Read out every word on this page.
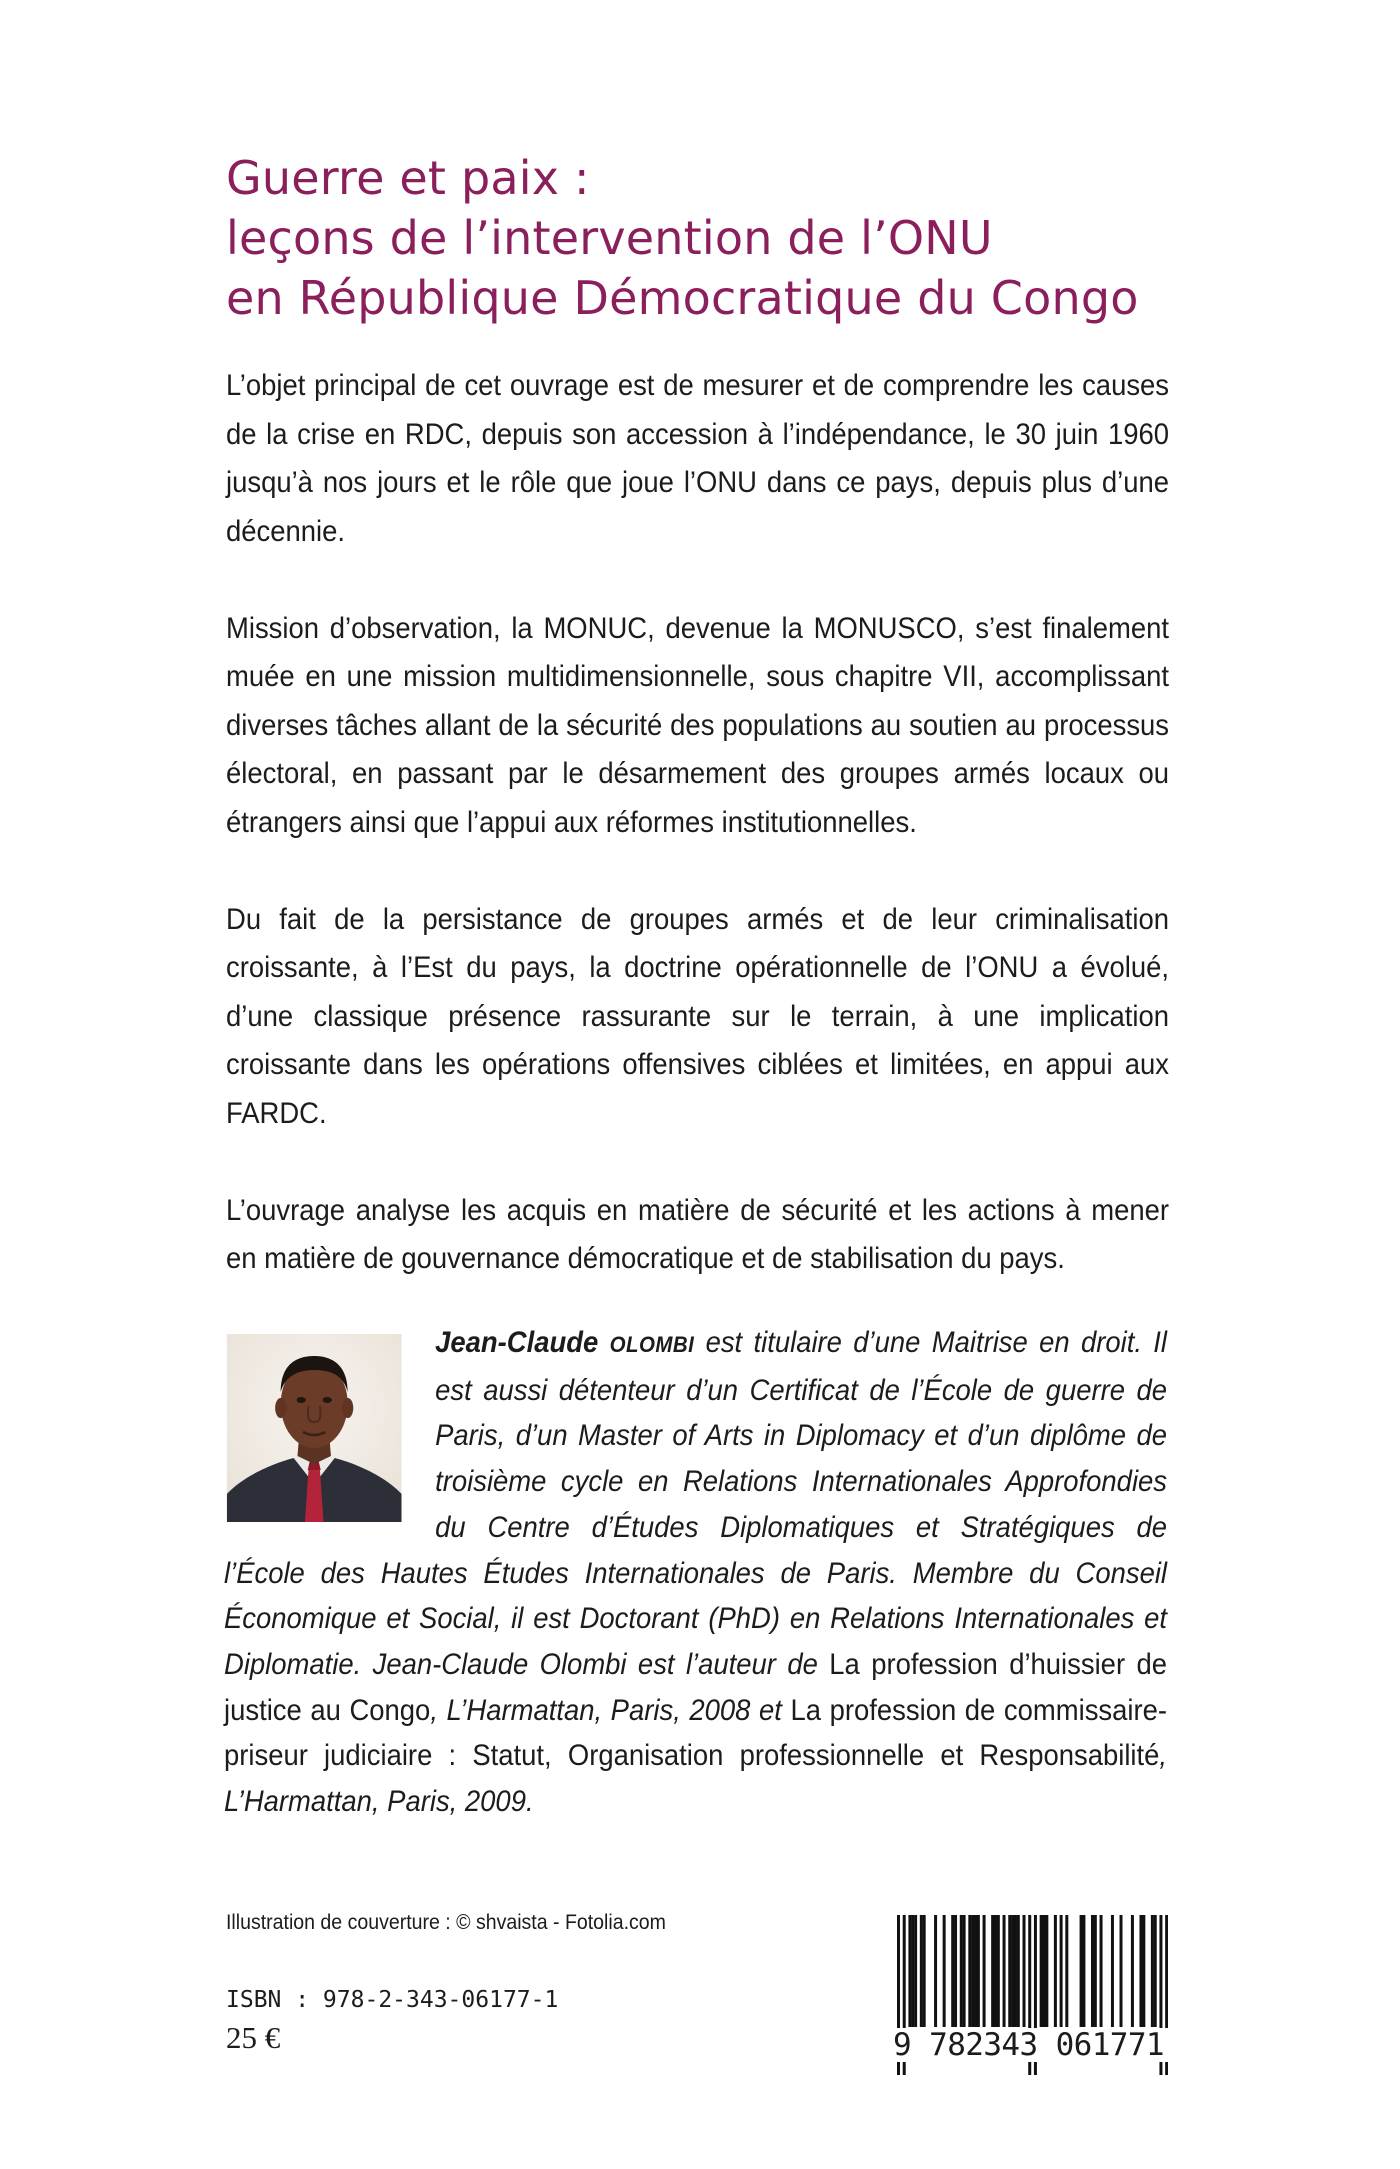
Guerre et paix :
leçons de l’intervention de l’ONU
en République Démocratique du Congo

L’objet principal de cet ouvrage est de mesurer et de comprendre les causes de la crise en RDC, depuis son accession à l’indépendance, le 30 juin 1960 jusqu’à nos jours et le rôle que joue l’ONU dans ce pays, depuis plus d’une décennie.

Mission d’observation, la MONUC, devenue la MONUSCO, s’est finalement muée en une mission multidimensionnelle, sous chapitre VII, accomplissant diverses tâches allant de la sécurité des populations au soutien au processus électoral, en passant par le désarmement des groupes armés locaux ou étrangers ainsi que l’appui aux réformes institutionnelles.

Du fait de la persistance de groupes armés et de leur criminalisation croissante, à l’Est du pays, la doctrine opérationnelle de l’ONU a évolué, d’une classique présence rassurante sur le terrain, à une implication croissante dans les opérations offensives ciblées et limitées, en appui aux FARDC.

L’ouvrage analyse les acquis en matière de sécurité et les actions à mener en matière de gouvernance démocratique et de stabilisation du pays.

Jean-Claude OLOMBI est titulaire d’une Maitrise en droit. Il est aussi détenteur d’un Certificat de l’École de guerre de Paris, d’un Master of Arts in Diplomacy et d’un diplôme de troisième cycle en Relations Internationales Approfondies du Centre d’Études Diplomatiques et Stratégiques de l’École des Hautes Études Internationales de Paris. Membre du Conseil Économique et Social, il est Doctorant (PhD) en Relations Internationales et Diplomatie. Jean-Claude Olombi est l’auteur de La profession d’huissier de justice au Congo, L’Harmattan, Paris, 2008 et La profession de commissaire-priseur judiciaire : Statut, Organisation professionnelle et Responsabilité, L’Harmattan, Paris, 2009.

Illustration de couverture : © shvaista - Fotolia.com
ISBN : 978-2-343-06177-1
25 €	9 782343 061771
